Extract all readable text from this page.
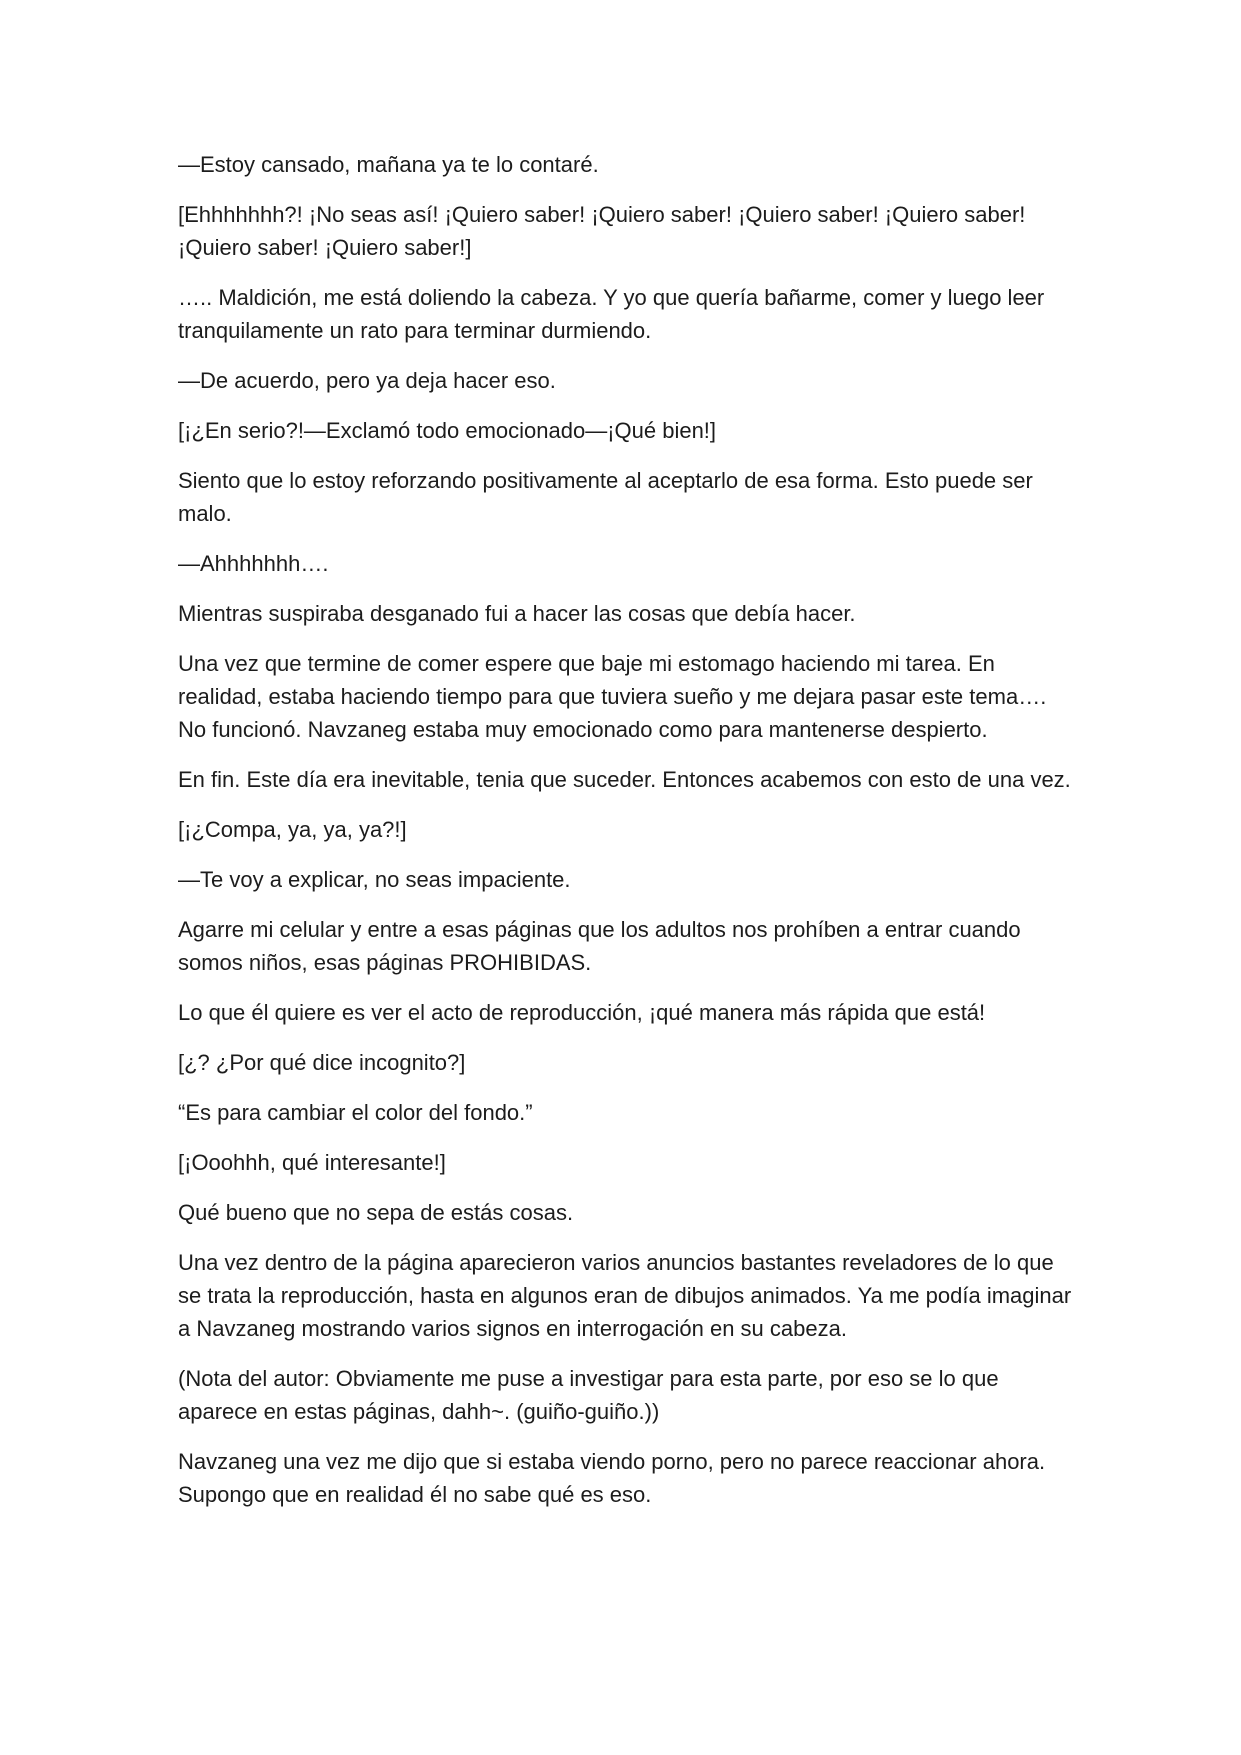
—Estoy cansado, mañana ya te lo contaré.

[Ehhhhhhh?! ¡No seas así! ¡Quiero saber! ¡Quiero saber! ¡Quiero saber! ¡Quiero saber! ¡Quiero saber! ¡Quiero saber!]

….. Maldición, me está doliendo la cabeza. Y yo que quería bañarme, comer y luego leer tranquilamente un rato para terminar durmiendo.

—De acuerdo, pero ya deja hacer eso.

[¡¿En serio?!—Exclamó todo emocionado—¡Qué bien!]

Siento que lo estoy reforzando positivamente al aceptarlo de esa forma. Esto puede ser malo.

—Ahhhhhhh….

Mientras suspiraba desganado fui a hacer las cosas que debía hacer.

Una vez que termine de comer espere que baje mi estomago haciendo mi tarea. En realidad, estaba haciendo tiempo para que tuviera sueño y me dejara pasar este tema…. No funcionó. Navzaneg estaba muy emocionado como para mantenerse despierto.

En fin. Este día era inevitable, tenia que suceder. Entonces acabemos con esto de una vez.

[¡¿Compa, ya, ya, ya?!]

—Te voy a explicar, no seas impaciente.

Agarre mi celular y entre a esas páginas que los adultos nos prohíben a entrar cuando somos niños, esas páginas PROHIBIDAS.

Lo que él quiere es ver el acto de reproducción, ¡qué manera más rápida que está!

[¿? ¿Por qué dice incognito?]

“Es para cambiar el color del fondo.”

[¡Ooohhh, qué interesante!]

Qué bueno que no sepa de estás cosas.

Una vez dentro de la página aparecieron varios anuncios bastantes reveladores de lo que se trata la reproducción, hasta en algunos eran de dibujos animados. Ya me podía imaginar a Navzaneg mostrando varios signos en interrogación en su cabeza.

(Nota del autor: Obviamente me puse a investigar para esta parte, por eso se lo que aparece en estas páginas, dahh~. (guiño-guiño.))

Navzaneg una vez me dijo que si estaba viendo porno, pero no parece reaccionar ahora. Supongo que en realidad él no sabe qué es eso.
